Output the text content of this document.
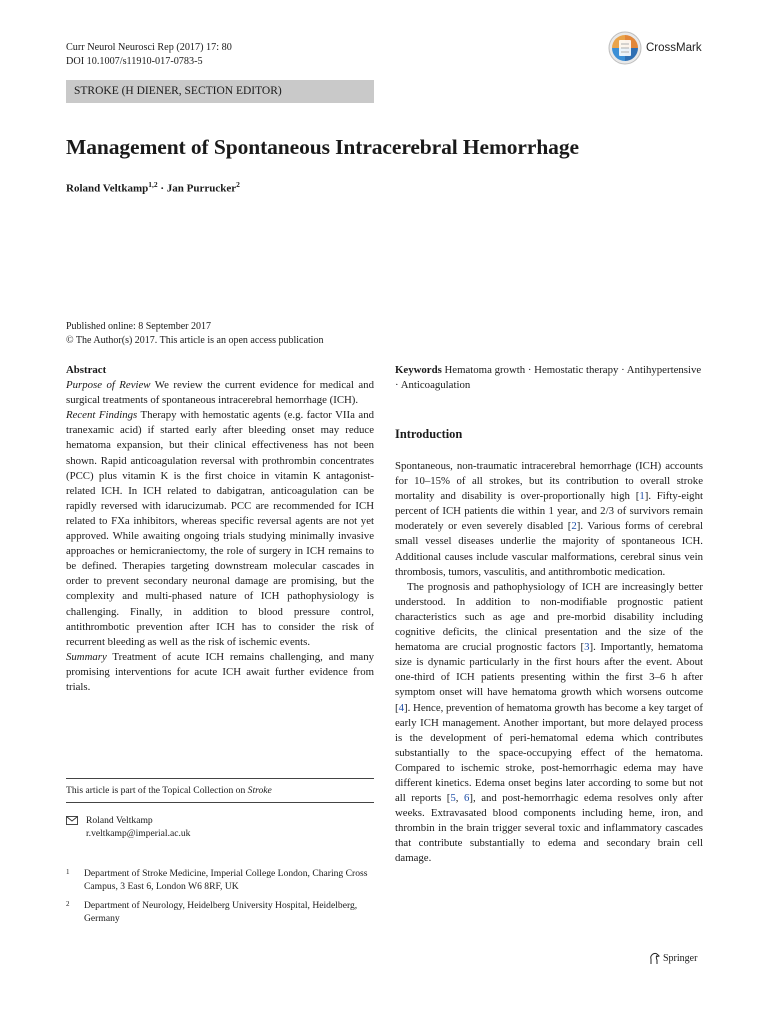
Curr Neurol Neurosci Rep (2017) 17: 80
DOI 10.1007/s11910-017-0783-5
CrossMark
STROKE (H DIENER, SECTION EDITOR)
Management of Spontaneous Intracerebral Hemorrhage
Roland Veltkamp$^{1,2}$ · Jan Purrucker$^2$
Published online: 8 September 2017
© The Author(s) 2017. This article is an open access publication
Abstract

Purpose of Review We review the current evidence for medical and surgical treatments of spontaneous intracerebral hemorrhage (ICH).

Recent Findings Therapy with hemostatic agents (e.g. factor VIIa and tranexamic acid) if started early after bleeding onset may reduce hematoma expansion, but their clinical effectiveness has not been shown. Rapid anticoagulation reversal with prothrombin concentrates (PCC) plus vitamin K is the first choice in vitamin K antagonist-related ICH. In ICH related to dabigatran, anticoagulation can be rapidly reversed with idarucizumab. PCC are recommended for ICH related to FXa inhibitors, whereas specific reversal agents are not yet approved. While awaiting ongoing trials studying minimally invasive approaches or hemicraniectomy, the role of surgery in ICH remains to be defined. Therapies targeting downstream molecular cascades in order to prevent secondary neuronal damage are promising, but the complexity and multi-phased nature of ICH pathophysiology is challenging. Finally, in addition to blood pressure control, antithrombotic prevention after ICH has to consider the risk of recurrent bleeding as well as the risk of ischemic events.

Summary Treatment of acute ICH remains challenging, and many promising interventions for acute ICH await further evidence from trials.

This article is part of the Topical Collection on Stroke
Roland Veltkamp
r.veltkamp@imperial.ac.uk
1	Department of Stroke Medicine, Imperial College London, Charing Cross Campus, 3 East 6, London W6 8RF, UK
2	Department of Neurology, Heidelberg University Hospital, Heidelberg, Germany
Keywords Hematoma growth · Hemostatic therapy · Antihypertensive · Anticoagulation
Introduction

Spontaneous, non-traumatic intracerebral hemorrhage (ICH) accounts for 10–15% of all strokes, but its contribution to overall stroke mortality and disability is over-proportionally high [1]. Fifty-eight percent of ICH patients die within 1 year, and 2/3 of survivors remain moderately or even severely disabled [2]. Various forms of cerebral small vessel diseases underlie the majority of spontaneous ICH. Additional causes include vascular malformations, cerebral sinus vein thrombosis, tumors, vasculitis, and antithrombotic medication.

The prognosis and pathophysiology of ICH are increasingly better understood. In addition to non-modifiable prognostic patient characteristics such as age and pre-morbid disability including cognitive deficits, the clinical presentation and the size of the hematoma are crucial prognostic factors [3]. Importantly, hematoma size is dynamic particularly in the first hours after the event. About one-third of ICH patients presenting within the first 3–6 h after symptom onset will have hematoma growth which worsens outcome [4]. Hence, prevention of hematoma growth has become a key target of early ICH management. Another important, but more delayed process is the development of peri-hematomal edema which contributes substantially to the space-occupying effect of the hematoma. Compared to ischemic stroke, post-hemorrhagic edema may have different kinetics. Edema onset begins later according to some but not all reports [5, 6], and post-hemorrhagic edema resolves only after weeks. Extravasated blood components including heme, iron, and thrombin in the brain trigger several toxic and inflammatory cascades that contribute substantially to edema and secondary brain cell damage.

Springer
